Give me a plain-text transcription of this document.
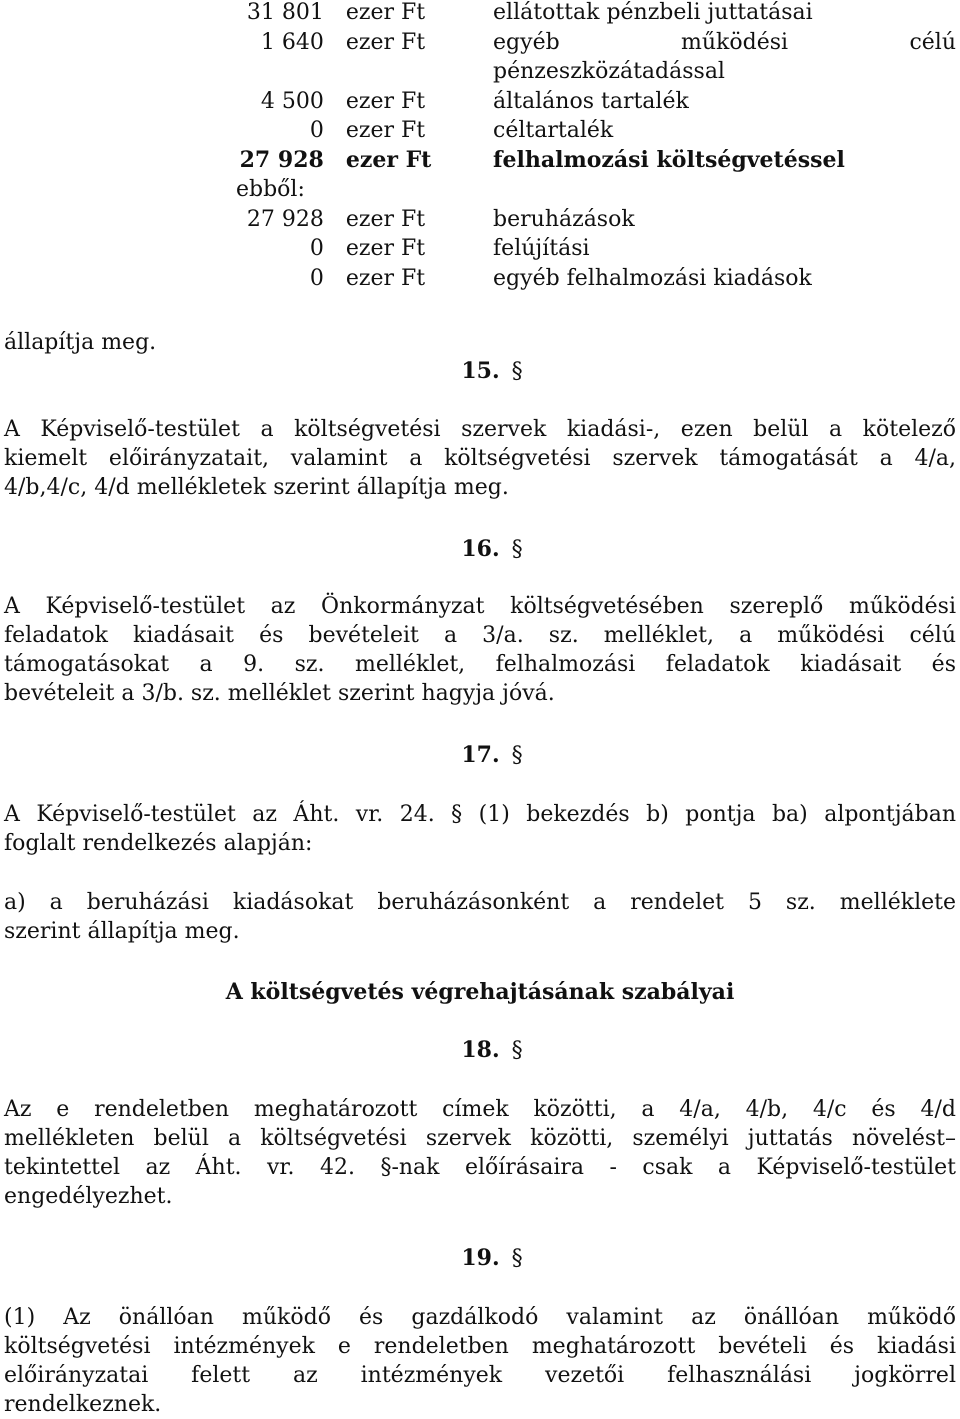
31 801	ezer Ft	ellátottak pénzbeli juttatásai
1 640	ezer Ft	egyéb működési célú

		pénzeszközátadással
4 500	ezer Ft	általános tartalék
0	ezer Ft	céltartalék
27 928	ezer Ft	felhalmozási költségvetéssel
ebből:		
27 928	ezer Ft	beruházások
0	ezer Ft	felújítási
0	ezer Ft	egyéb felhalmozási kiadások
állapítja meg.
15. §
A Képviselő-testület a költségvetési szervek kiadási-, ezen belül a kötelező
kiemelt előirányzatait, valamint a költségvetési szervek támogatását a 4/a,
4/b,4/c, 4/d mellékletek szerint állapítja meg.
16. §
A Képviselő-testület az Önkormányzat költségvetésében szereplő működési
feladatok kiadásait és bevételeit a 3/a. sz. melléklet, a működési célú
támogatásokat a 9. sz. melléklet, felhalmozási feladatok kiadásait és
bevételeit a 3/b. sz. melléklet szerint hagyja jóvá.
17. §
A Képviselő-testület az Áht. vr. 24. § (1) bekezdés b) pontja ba) alpontjában
foglalt rendelkezés alapján:
a) a beruházási kiadásokat beruházásonként a rendelet 5 sz. melléklete
szerint állapítja meg.
A költségvetés végrehajtásának szabályai
18. §
Az e rendeletben meghatározott címek közötti, a 4/a, 4/b, 4/c és 4/d
mellékleten belül a költségvetési szervek közötti, személyi juttatás növelést–
tekintettel az Áht. vr. 42. §-nak előírásaira - csak a Képviselő-testület
engedélyezhet.
19. §
(1) Az önállóan működő és gazdálkodó valamint az önállóan működő
költségvetési intézmények e rendeletben meghatározott bevételi és kiadási
előirányzatai felett az intézmények vezetői felhasználási jogkörrel
rendelkeznek.
